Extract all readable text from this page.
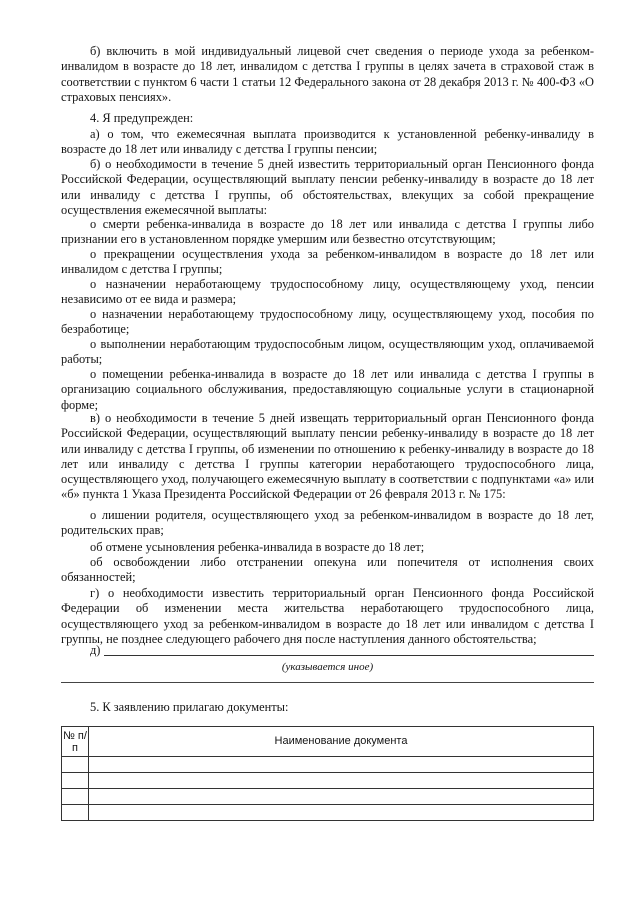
б) включить в мой индивидуальный лицевой счет сведения о периоде ухода за ребенком-инвалидом в возрасте до 18 лет, инвалидом с детства I группы в целях зачета в страховой стаж в соответствии с пунктом 6 части 1 статьи 12 Федерального закона от 28 декабря 2013 г. № 400-ФЗ «О страховых пенсиях».

4. Я предупрежден:

а) о том, что ежемесячная выплата производится к установленной ребенку-инвалиду в возрасте до 18 лет или инвалиду с детства I группы пенсии;

б) о необходимости в течение 5 дней известить территориальный орган Пенсионного фонда Российской Федерации, осуществляющий выплату пенсии ребенку-инвалиду в возрасте до 18 лет или инвалиду с детства I группы, об обстоятельствах, влекущих за собой прекращение осуществления ежемесячной выплаты:

о смерти ребенка-инвалида в возрасте до 18 лет или инвалида с детства I группы либо признании его в установленном порядке умершим или безвестно отсутствующим;

о прекращении осуществления ухода за ребенком-инвалидом в возрасте до 18 лет или инвалидом с детства I группы;

о назначении неработающему трудоспособному лицу, осуществляющему уход, пенсии независимо от ее вида и размера;

о назначении неработающему трудоспособному лицу, осуществляющему уход, пособия по безработице;

о выполнении неработающим трудоспособным лицом, осуществляющим уход, оплачиваемой работы;

о помещении ребенка-инвалида в возрасте до 18 лет или инвалида с детства I группы в организацию социального обслуживания, предоставляющую социальные услуги в стационарной форме;

в) о необходимости в течение 5 дней извещать территориальный орган Пенсионного фонда Российской Федерации, осуществляющий выплату пенсии ребенку-инвалиду в возрасте до 18 лет или инвалиду с детства I группы, об изменении по отношению к ребенку-инвалиду в возрасте до 18 лет или инвалиду с детства I группы категории неработающего трудоспособного лица, осуществляющего уход, получающего ежемесячную выплату в соответствии с подпунктами «а» или «б» пункта 1 Указа Президента Российской Федерации от 26 февраля 2013 г. № 175:

о лишении родителя, осуществляющего уход за ребенком-инвалидом в возрасте до 18 лет, родительских прав;

об отмене усыновления ребенка-инвалида в возрасте до 18 лет;

об освобождении либо отстранении опекуна или попечителя от исполнения своих обязанностей;

г) о необходимости известить территориальный орган Пенсионного фонда Российской Федерации об изменении места жительства неработающего трудоспособного лица, осуществляющего уход за ребенком-инвалидом в возрасте до 18 лет или инвалидом с детства I группы, не позднее следующего рабочего дня после наступления данного обстоятельства;

д)

(указывается иное)

5. К заявлению прилагаю документы:

№ п/п	Наименование документа
